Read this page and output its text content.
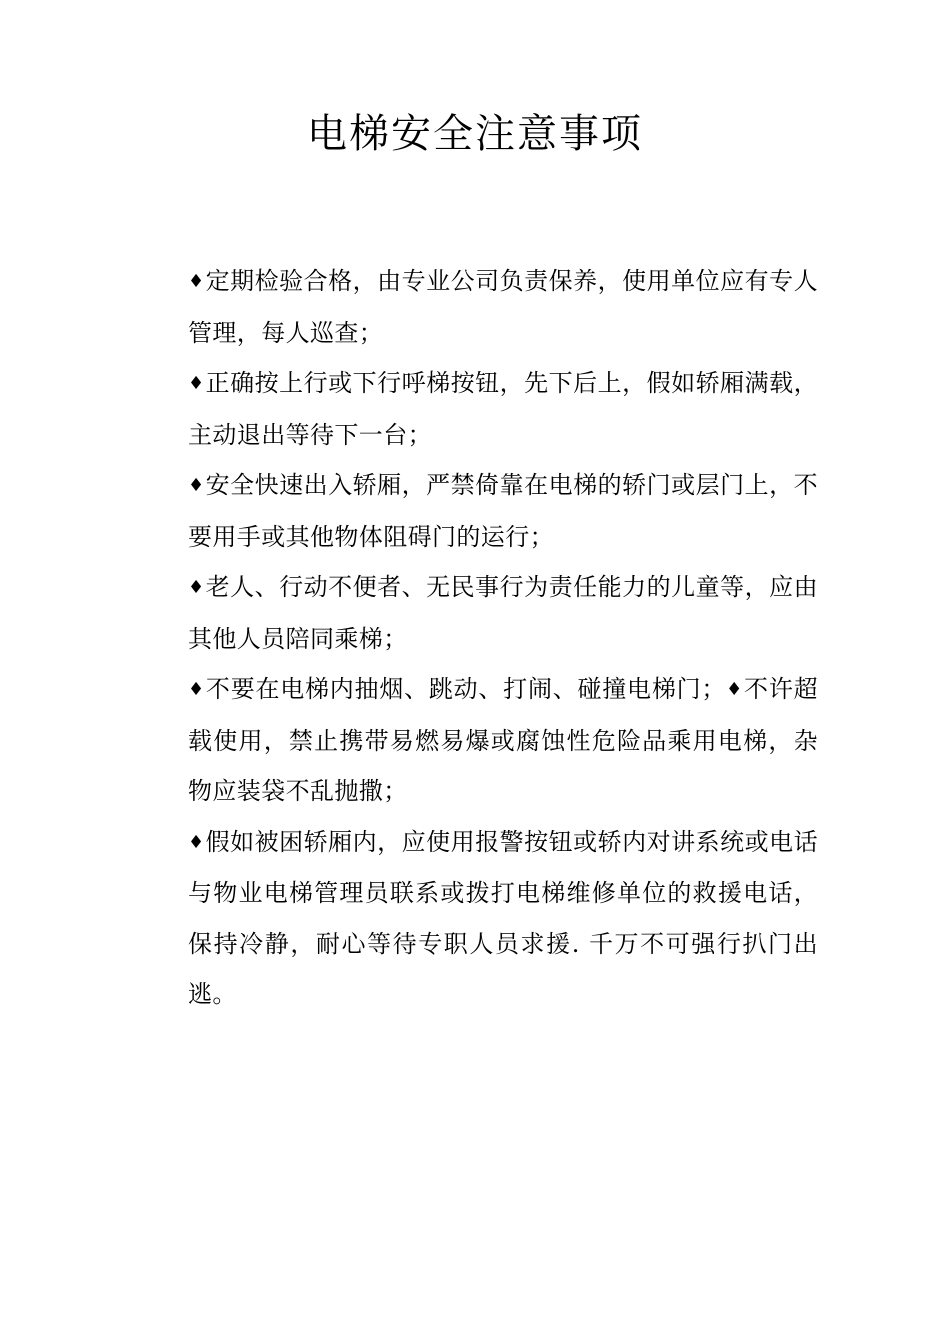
电梯安全注意事项

♦定期检验合格，由专业公司负责保养，使用单位应有专人管理，每人巡查；

♦正确按上行或下行呼梯按钮，先下后上，假如轿厢满载，主动退出等待下一台；

♦安全快速出入轿厢，严禁倚靠在电梯的轿门或层门上，不要用手或其他物体阻碍门的运行；

♦老人、行动不便者、无民事行为责任能力的儿童等，应由其他人员陪同乘梯；

♦不要在电梯内抽烟、跳动、打闹、碰撞电梯门；♦不许超载使用，禁止携带易燃易爆或腐蚀性危险品乘用电梯，杂物应装袋不乱抛撒；

♦假如被困轿厢内，应使用报警按钮或轿内对讲系统或电话与物业电梯管理员联系或拨打电梯维修单位的救援电话，保持冷静，耐心等待专职人员求援. 千万不可强行扒门出逃。
